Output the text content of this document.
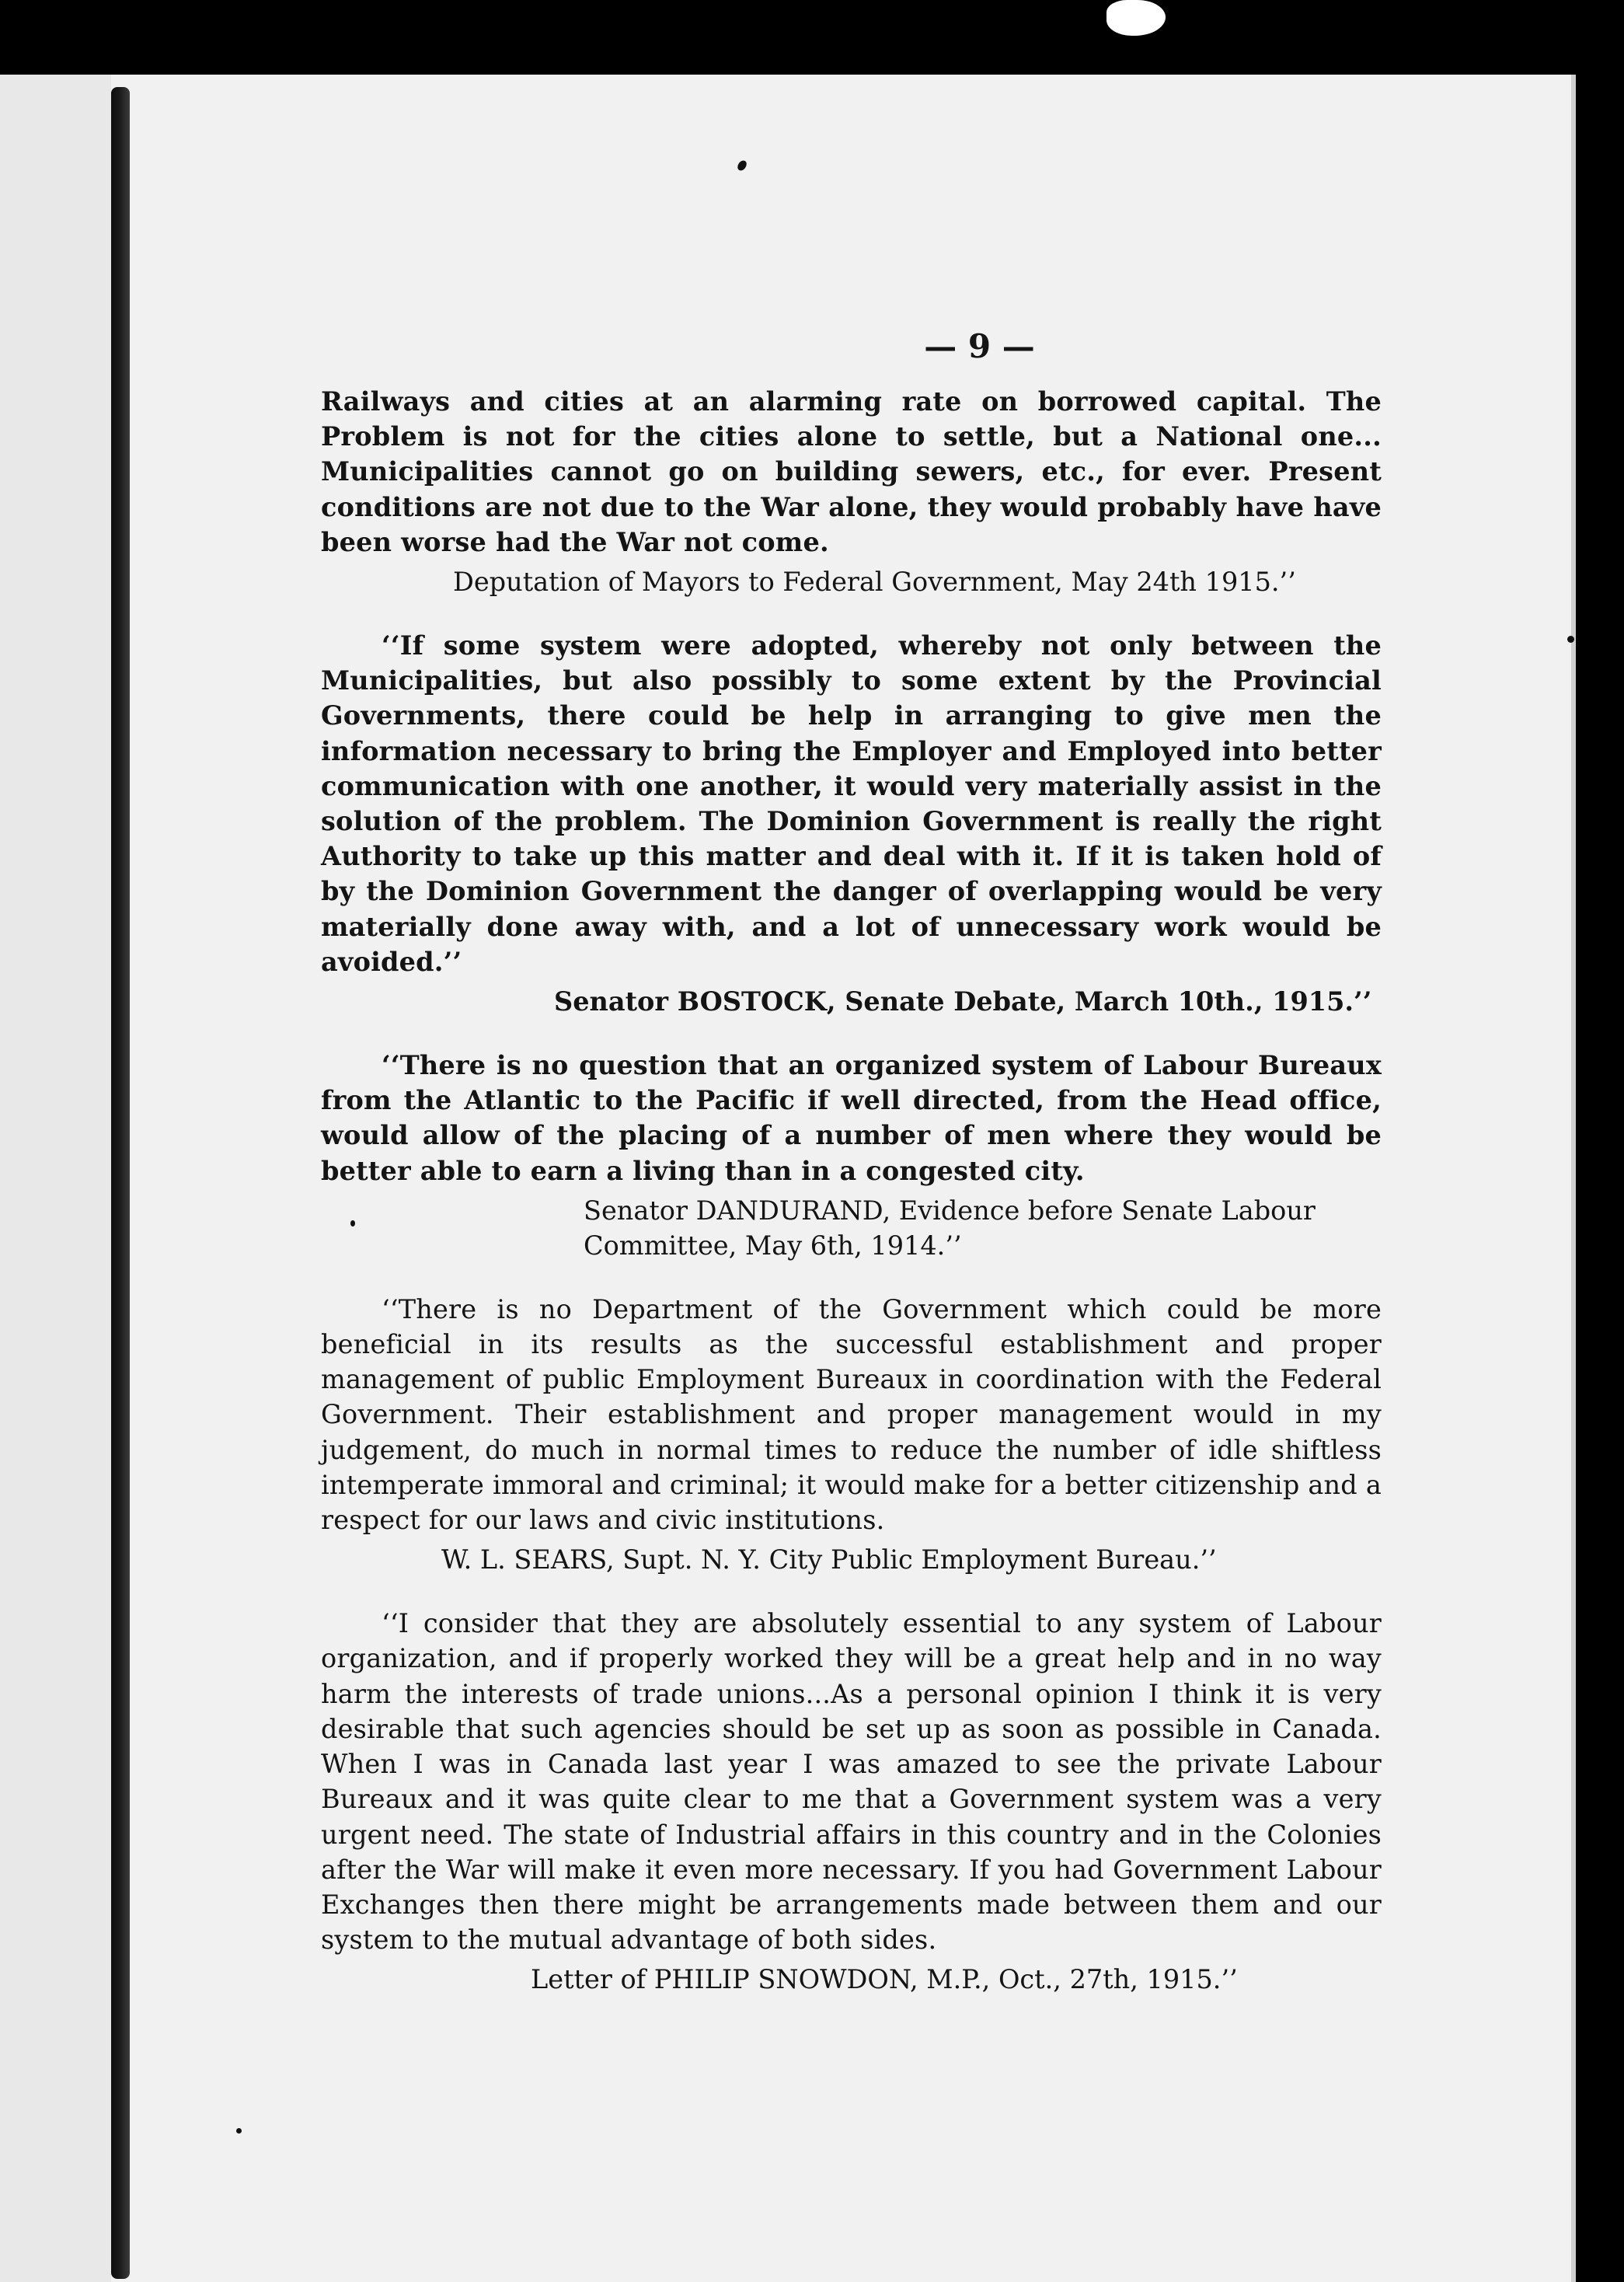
— 9 —

Railways and cities at an alarming rate on borrowed capital. The Problem is not for the cities alone to settle, but a National one... Municipalities cannot go on building sewers, etc., for ever. Present conditions are not due to the War alone, they would probably have have been worse had the War not come.

Deputation of Mayors to Federal Government, May 24th 1915.’’

‘‘If some system were adopted, whereby not only between the Municipalities, but also possibly to some extent by the Provincial Governments, there could be help in arranging to give men the information necessary to bring the Employer and Employed into better communication with one another, it would very materially assist in the solution of the problem. The Dominion Government is really the right Authority to take up this matter and deal with it. If it is taken hold of by the Dominion Government the danger of overlapping would be very materially done away with, and a lot of unnecessary work would be avoided.’’

Senator BOSTOCK, Senate Debate, March 10th., 1915.’’

‘‘There is no question that an organized system of Labour Bureaux from the Atlantic to the Pacific if well directed, from the Head office, would allow of the placing of a number of men where they would be better able to earn a living than in a congested city.

Senator DANDURAND, Evidence before Senate Labour Committee, May 6th, 1914.’’

‘‘There is no Department of the Government which could be more beneficial in its results as the successful establishment and proper management of public Employment Bureaux in coordination with the Federal Government. Their establishment and proper management would in my judgement, do much in normal times to reduce the number of idle shiftless intemperate immoral and criminal; it would make for a better citizenship and a respect for our laws and civic institutions.

W. L. SEARS, Supt. N. Y. City Public Employment Bureau.’’

‘‘I consider that they are absolutely essential to any system of Labour organization, and if properly worked they will be a great help and in no way harm the interests of trade unions...As a personal opinion I think it is very desirable that such agencies should be set up as soon as possible in Canada. When I was in Canada last year I was amazed to see the private Labour Bureaux and it was quite clear to me that a Government system was a very urgent need. The state of Industrial affairs in this country and in the Colonies after the War will make it even more necessary. If you had Government Labour Exchanges then there might be arrangements made between them and our system to the mutual advantage of both sides.

Letter of PHILIP SNOWDON, M.P., Oct., 27th, 1915.’’
